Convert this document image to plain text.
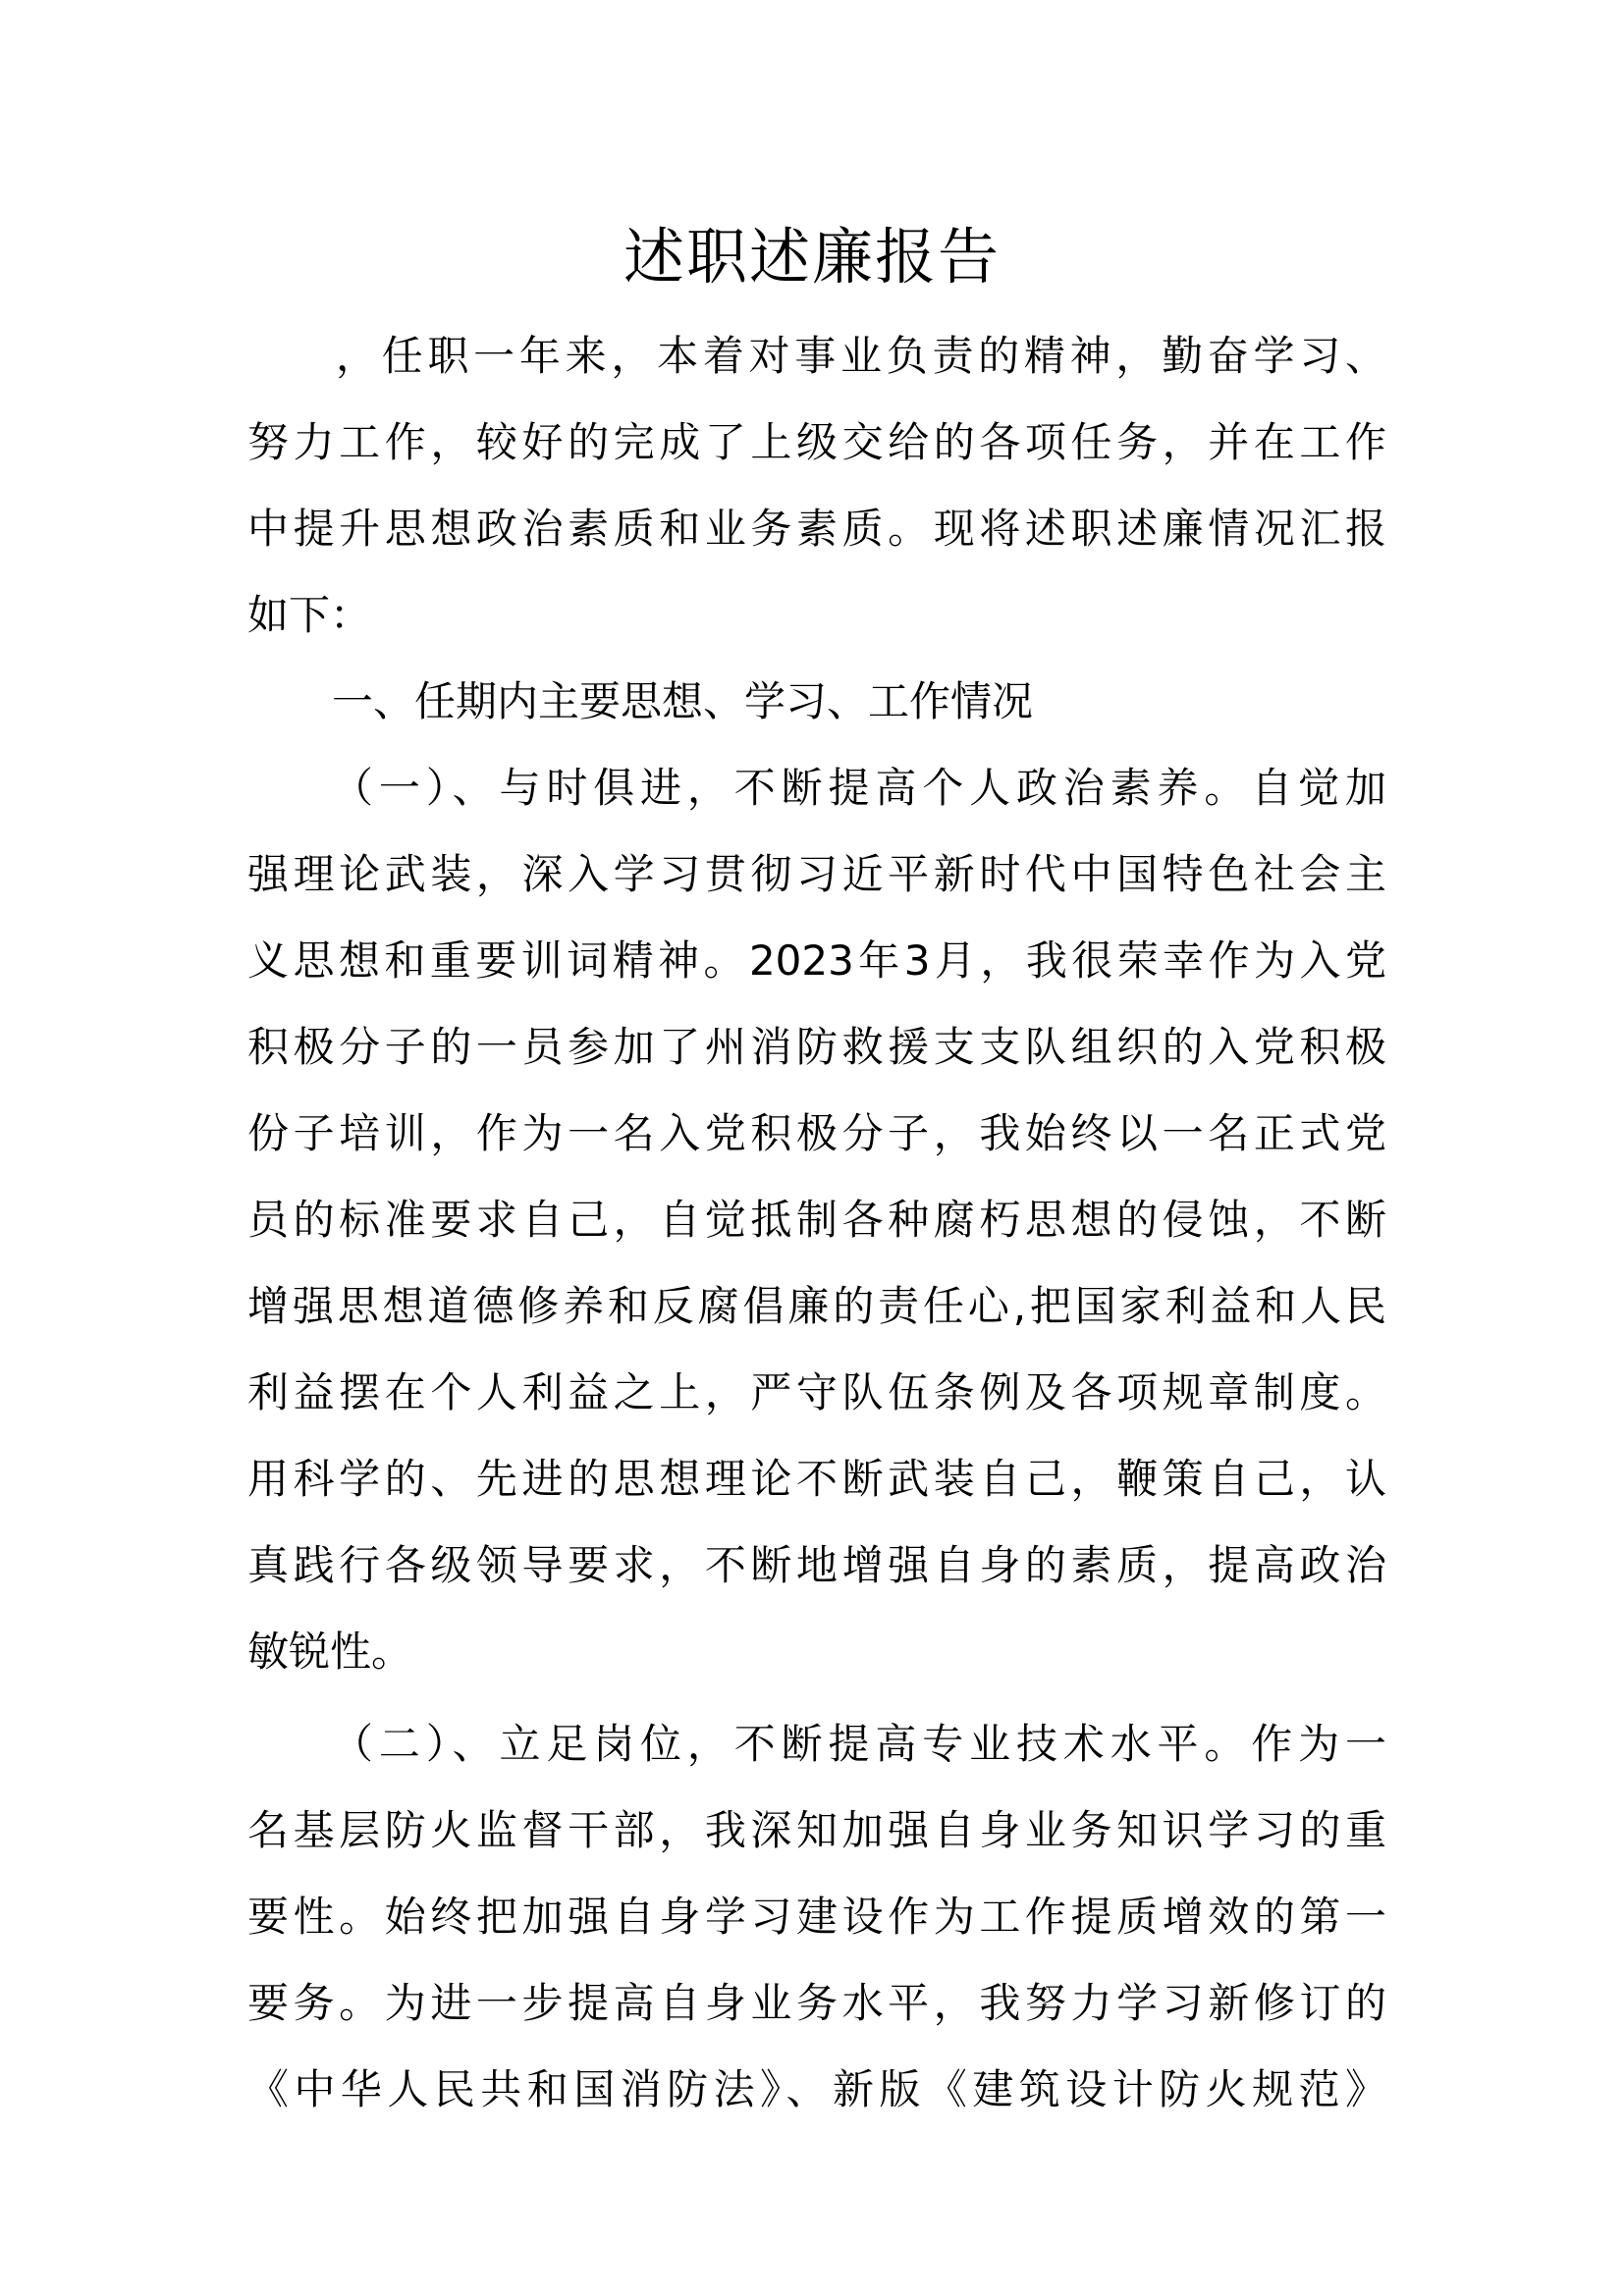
述职述廉报告
，任职一年来，本着对事业负责的精神，勤奋学习、
努力工作，较好的完成了上级交给的各项任务，并在工作
中提升思想政治素质和业务素质。现将述职述廉情况汇报
如下：
一、任期内主要思想、学习、工作情况
（一）、与时俱进，不断提高个人政治素养。自觉加
强理论武装，深入学习贯彻习近平新时代中国特色社会主
义思想和重要训词精神。2023年3月，我很荣幸作为入党
积极分子的一员参加了州消防救援支支队组织的入党积极
份子培训，作为一名入党积极分子，我始终以一名正式党
员的标准要求自己，自觉抵制各种腐朽思想的侵蚀，不断
增强思想道德修养和反腐倡廉的责任心,把国家利益和人民
利益摆在个人利益之上，严守队伍条例及各项规章制度。
用科学的、先进的思想理论不断武装自己，鞭策自己，认
真践行各级领导要求，不断地增强自身的素质，提高政治
敏锐性。
（二）、立足岗位，不断提高专业技术水平。作为一
名基层防火监督干部，我深知加强自身业务知识学习的重
要性。始终把加强自身学习建设作为工作提质增效的第一
要务。为进一步提高自身业务水平，我努力学习新修订的
《中华人民共和国消防法》、新版《建筑设计防火规范》
